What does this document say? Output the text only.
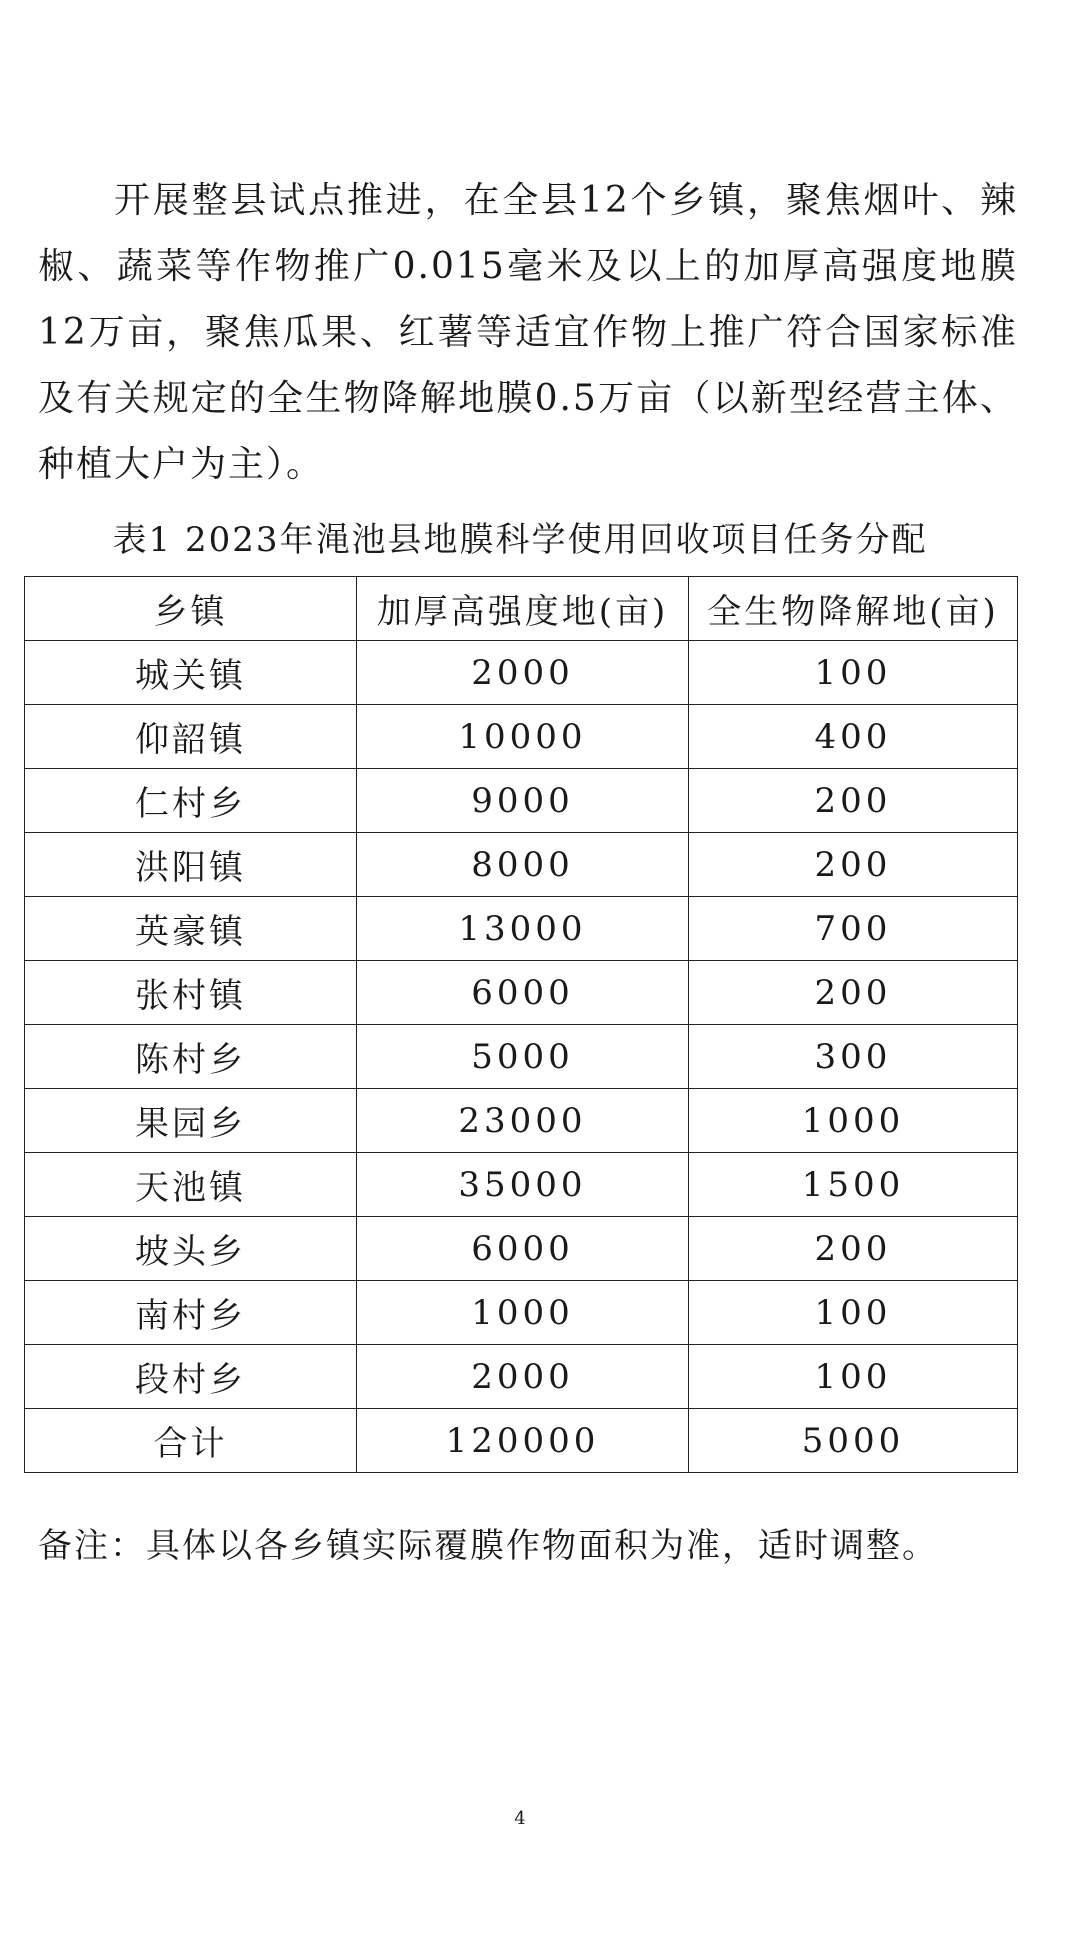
开展整县试点推进，在全县12个乡镇，聚焦烟叶、辣椒、蔬菜等作物推广0.015毫米及以上的加厚高强度地膜12万亩，聚焦瓜果、红薯等适宜作物上推广符合国家标准及有关规定的全生物降解地膜0.5万亩（以新型经营主体、种植大户为主）。

表1 2023年渑池县地膜科学使用回收项目任务分配

乡镇	加厚高强度地(亩)	全生物降解地(亩)
城关镇	2000	100
仰韶镇	10000	400
仁村乡	9000	200
洪阳镇	8000	200
英豪镇	13000	700
张村镇	6000	200
陈村乡	5000	300
果园乡	23000	1000
天池镇	35000	1500
坡头乡	6000	200
南村乡	1000	100
段村乡	2000	100
合计	120000	5000

备注：具体以各乡镇实际覆膜作物面积为准，适时调整。

4
